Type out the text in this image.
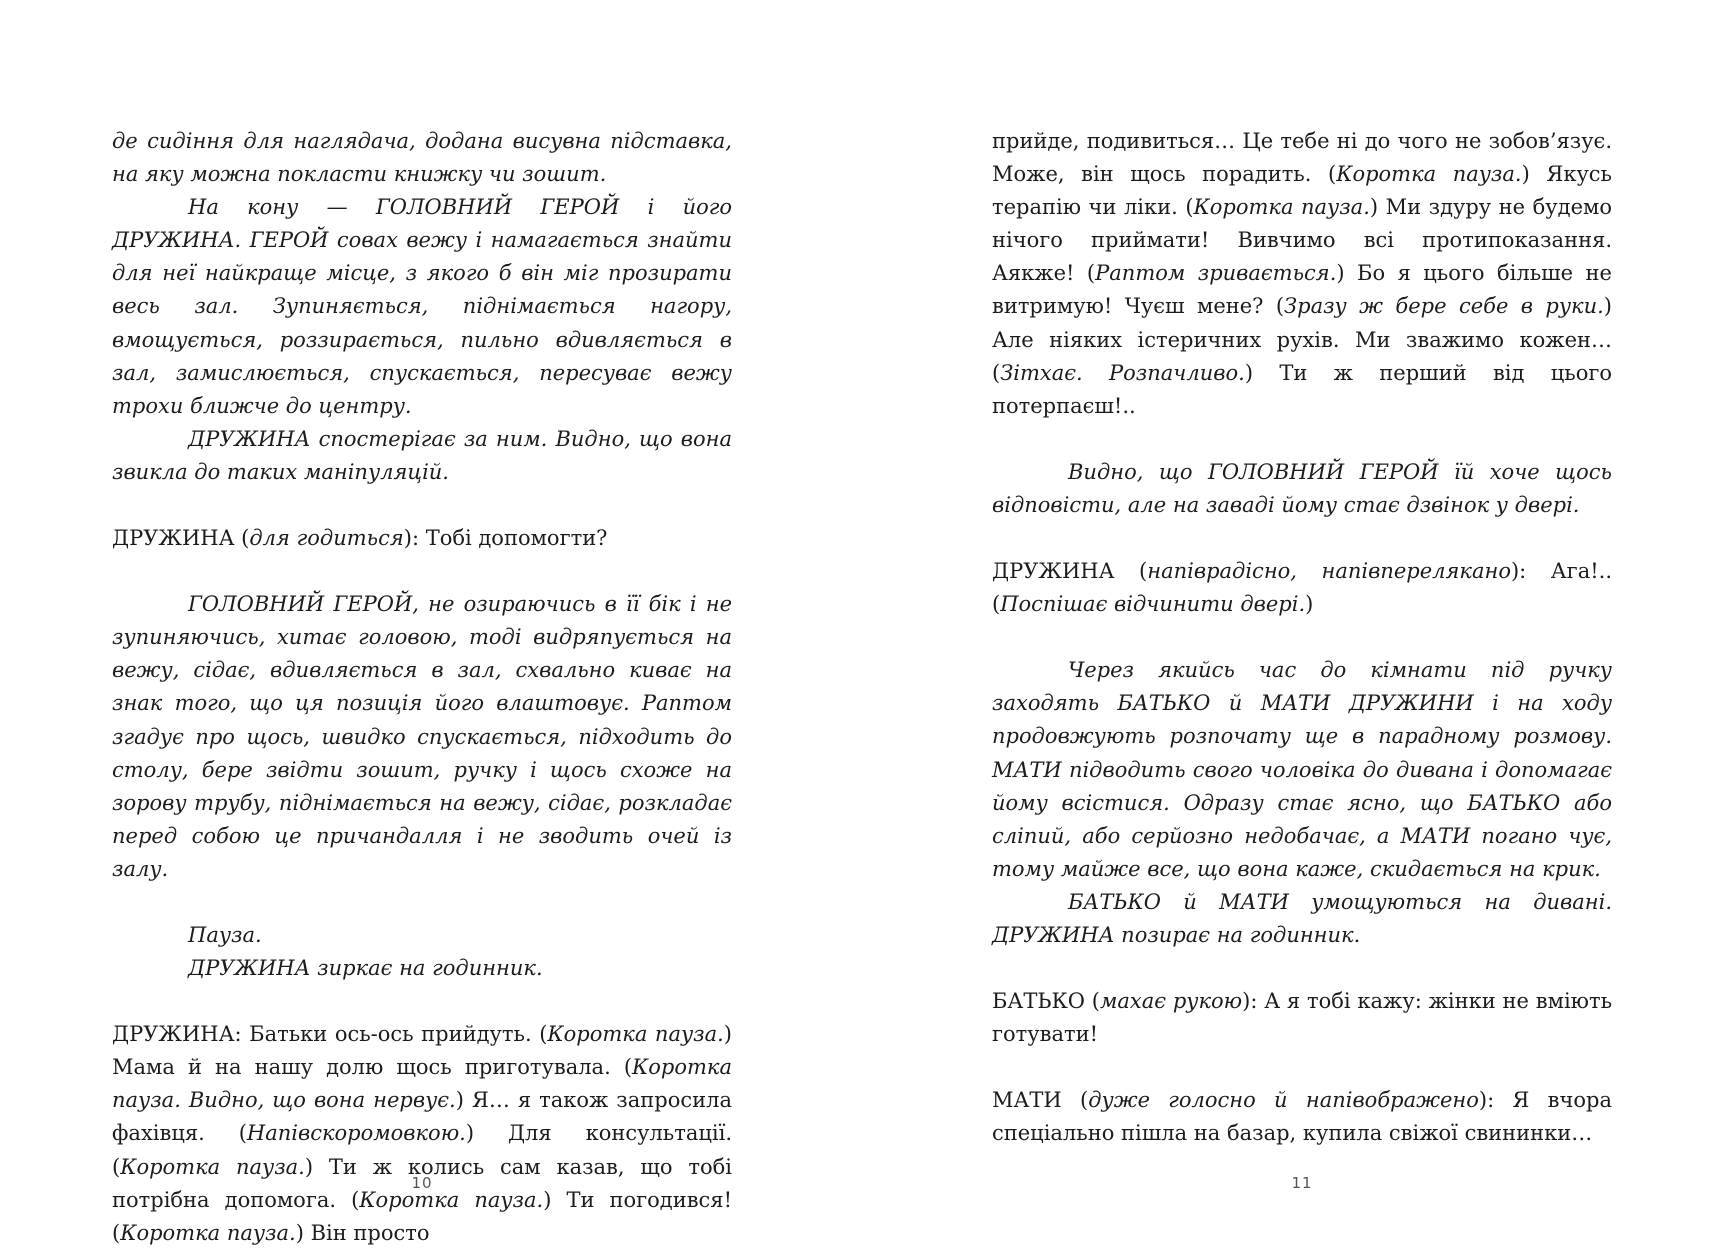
де сидіння для наглядача, додана висувна підставка, на яку можна покласти книжку чи зошит.

На кону — ГОЛОВНИЙ ГЕРОЙ і його ДРУЖИНА. ГЕРОЙ совах вежу і намагається знайти для неї найкраще місце, з якого б він міг прозирати весь зал. Зупиняється, піднімається нагору, вмощується, роззирається, пильно вдивляється в зал, замислюється, спускається, пересуває вежу трохи ближче до центру.

ДРУЖИНА спостерігає за ним. Видно, що вона звикла до таких маніпуляцій.

ДРУЖИНА (для годиться): Тобі допомогти?

ГОЛОВНИЙ ГЕРОЙ, не озираючись в її бік і не зупиняючись, хитає головою, тоді видряпується на вежу, сідає, вдивляється в зал, схвально киває на знак того, що ця позиція його влаштовує. Раптом згадує про щось, швидко спускається, підходить до столу, бере звідти зошит, ручку і щось схоже на зорову трубу, піднімається на вежу, сідає, розкладає перед собою це причандалля і не зводить очей із залу.

Пауза.

ДРУЖИНА зиркає на годинник.

ДРУЖИНА: Батьки ось-ось прийдуть. (Коротка пауза.) Мама й на нашу долю щось приготувала. (Коротка пауза. Видно, що вона нервує.) Я… я також запросила фахівця. (Напівскоромовкою.) Для консультації. (Коротка пауза.) Ти ж колись сам казав, що тобі потрібна допомога. (Коротка пауза.) Ти погодився! (Коротка пауза.) Він просто

10

прийде, подивиться… Це тебе ні до чого не зобов’язує. Може, він щось порадить. (Коротка пауза.) Якусь терапію чи ліки. (Коротка пауза.) Ми здуру не будемо нічого приймати! Вивчимо всі протипоказання. Аякже! (Раптом зривається.) Бо я цього більше не витримую! Чуєш мене? (Зразу ж бере себе в руки.) Але ніяких істеричних рухів. Ми зважимо кожен… (Зітхає. Розпачливо.) Ти ж перший від цього потерпаєш!..

Видно, що ГОЛОВНИЙ ГЕРОЙ їй хоче щось відповісти, але на заваді йому стає дзвінок у двері.

ДРУЖИНА (напіврадісно, напівперелякано): Ага!.. (Поспішає відчинити двері.)

Через якийсь час до кімнати під ручку заходять БАТЬКО й МАТИ ДРУЖИНИ і на ходу продовжують розпочату ще в парадному розмову. МАТИ підводить свого чоловіка до дивана і допомагає йому всістися. Одразу стає ясно, що БАТЬКО або сліпий, або серйозно недобачає, а МАТИ погано чує, тому майже все, що вона каже, скидається на крик.

БАТЬКО й МАТИ умощуються на дивані. ДРУЖИНА позирає на годинник.

БАТЬКО (махає рукою): А я тобі кажу: жінки не вміють готувати!

МАТИ (дуже голосно й напівображено): Я вчора спеціально пішла на базар, купила свіжої свининки…

11
